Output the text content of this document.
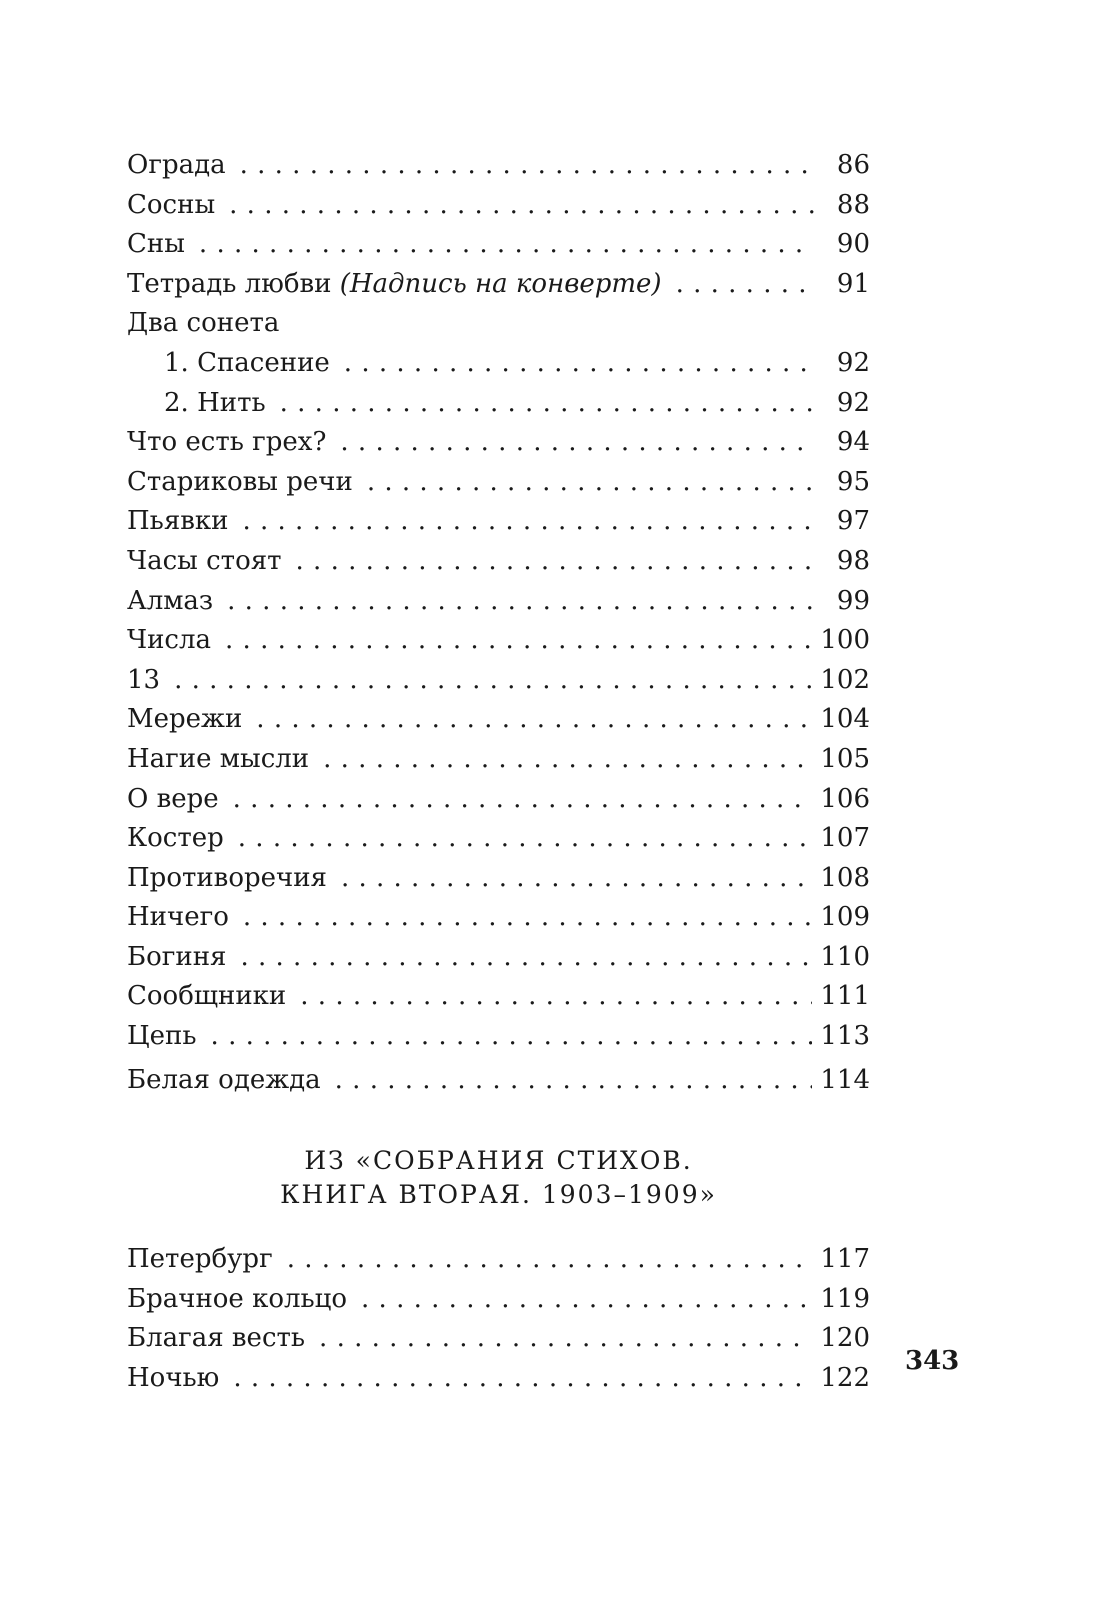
Ограда . . .	86
Сосны . . .	88
Сны . . .	90
Тетрадь любви (Надпись на конверте) . . .	91
Два сонета
1. Спасение . . .	92
2. Нить . . .	92
Что есть грех? . . .	94
Стариковы речи . . .	95
Пьявки . . .	97
Часы стоят . . .	98
Алмаз . . .	99
Числа . . .	100
13 . . .	102
Мережи . . .	104
Нагие мысли . . .	105
О вере . . .	106
Костер . . .	107
Противоречия . . .	108
Ничего . . .	109
Богиня . . .	110
Сообщники . . .	111
Цепь . . .	113
Белая одежда . . .	114
ИЗ «СОБРАНИЯ СТИХОВ.
КНИГА ВТОРАЯ. 1903–1909»
Петербург . . .	117
Брачное кольцо . . .	119
Благая весть . . .	120
Ночью . . .	122
343
